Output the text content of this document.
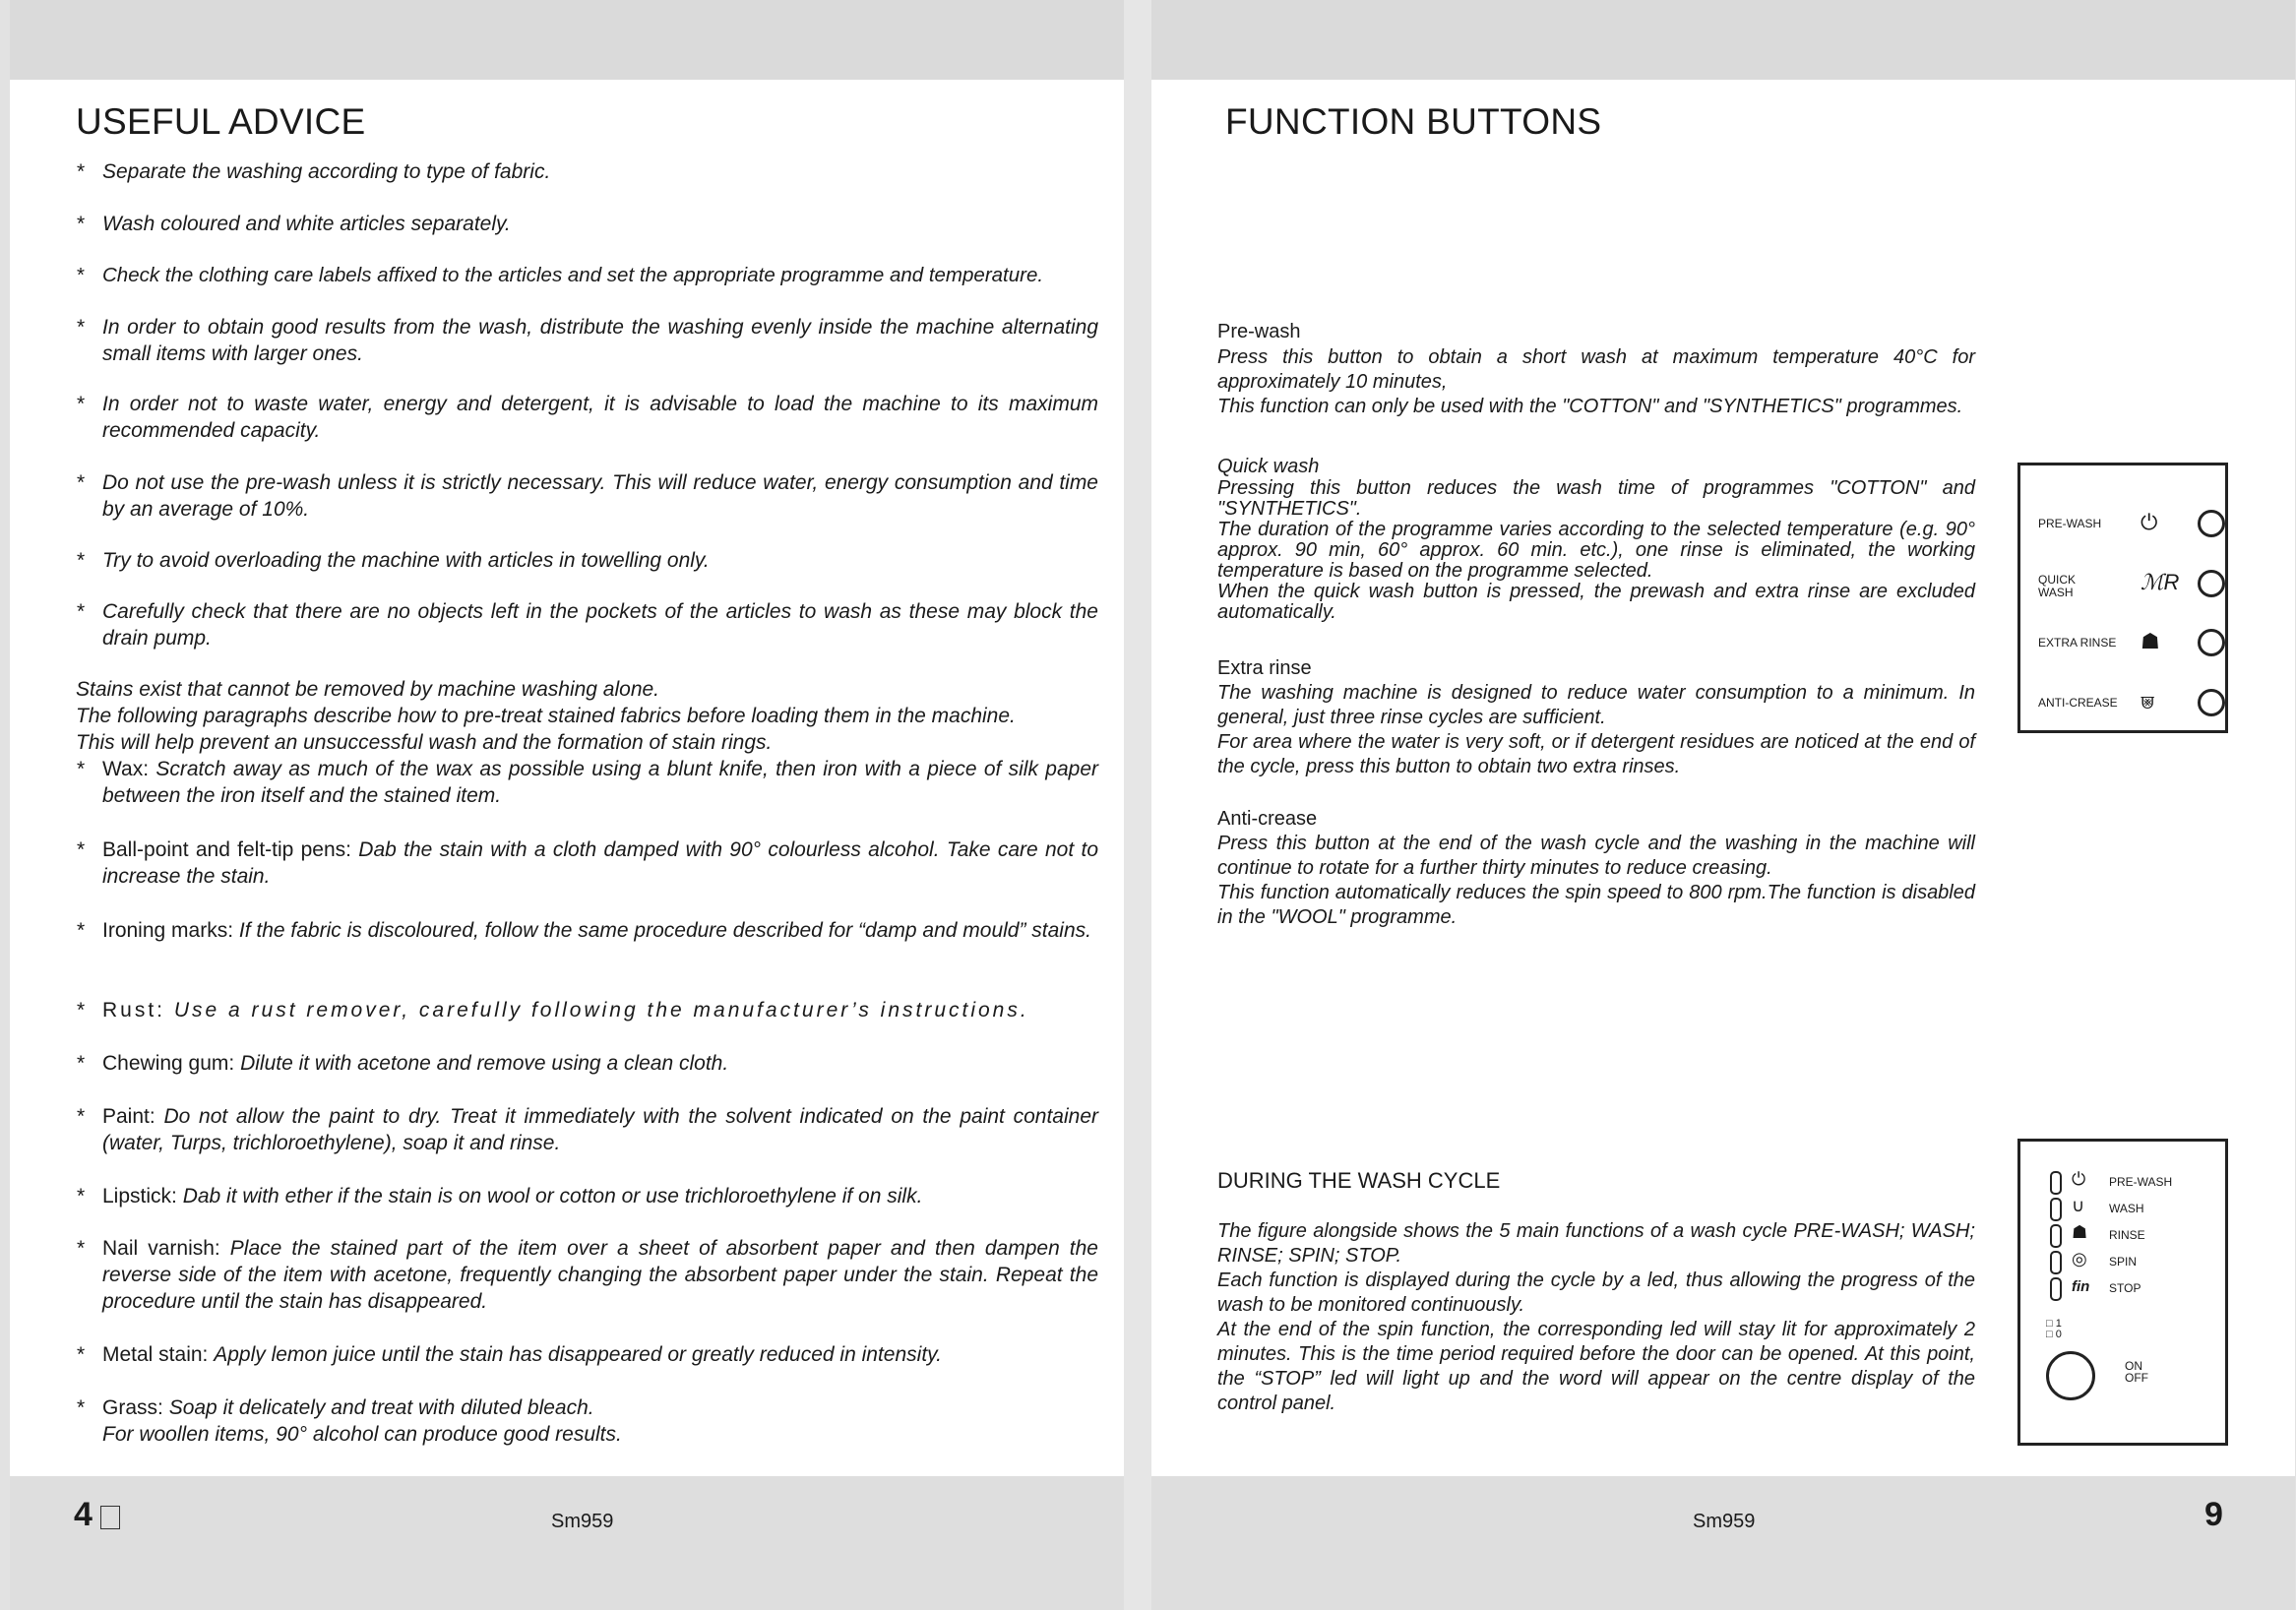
USEFUL ADVICE
* Separate the washing according to type of fabric.
* Wash coloured and white articles separately.
* Check the clothing care labels affixed to the articles and set the appropriate programme and temperature.
* In order to obtain good results from the wash, distribute the washing evenly inside the machine alternating small items with larger ones.
* In order not to waste water, energy and detergent, it is advisable to load the machine to its maximum recommended capacity.
* Do not use the pre-wash unless it is strictly necessary. This will reduce water, energy consumption and time by an average of 10%.
* Try to avoid overloading the machine with articles in towelling only.
* Carefully check that there are no objects left in the pockets of the articles to wash as these may block the drain pump.
Stains exist that cannot be removed by machine washing alone.
The following paragraphs describe how to pre-treat stained fabrics before loading them in the machine.
This will help prevent an unsuccessful wash and the formation of stain rings.
* Wax: Scratch away as much of the wax as possible using a blunt knife, then iron with a piece of silk paper between the iron itself and the stained item.
* Ball-point and felt-tip pens: Dab the stain with a cloth damped with 90° colourless alcohol. Take care not to increase the stain.
* Ironing marks: If the fabric is discoloured, follow the same procedure described for “damp and mould” stains.
* Rust: Use a rust remover, carefully following the manufacturer’s instructions.
* Chewing gum: Dilute it with acetone and remove using a clean cloth.
* Paint: Do not allow the paint to dry. Treat it immediately with the solvent indicated on the paint container (water, Turps, trichloroethylene), soap it and rinse.
* Lipstick: Dab it with ether if the stain is on wool or cotton or use trichloroethylene if on silk.
* Nail varnish: Place the stained part of the item over a sheet of absorbent paper and then dampen the reverse side of the item with acetone, frequently changing the absorbent paper under the stain. Repeat the procedure until the stain has disappeared.
* Metal stain: Apply lemon juice until the stain has disappeared or greatly reduced in intensity.
* Grass: Soap it delicately and treat with diluted bleach.
For woollen items, 90° alcohol can produce good results.
FUNCTION BUTTONS
Pre-wash

Press this button to obtain a short wash at maximum temperature 40°C for approximately 10 minutes,

This function can only be used with the "COTTON" and "SYNTHETICS" programmes.

Quick wash

Pressing this button reduces the wash time of programmes "COTTON" and "SYNTHETICS".

The duration of the programme varies according to the selected temperature (e.g. 90° approx. 90 min, 60° approx. 60 min. etc.), one rinse is eliminated, the working temperature is based on the programme selected.

When the quick wash button is pressed, the prewash and extra rinse are excluded automatically.

Extra rinse

The washing machine is designed to reduce water consumption to a minimum. In general, just three rinse cycles are sufficient.

For area where the water is very soft, or if detergent residues are noticed at the end of the cycle, press this button to obtain two extra rinses.

Anti-crease

Press this button at the end of the wash cycle and the washing in the machine will continue to rotate for a further thirty minutes to reduce creasing.

This function automatically reduces the spin speed to 800 rpm.The function is disabled in the "WOOL" programme.

PRE-WASH ⏻
QUICK WASH	ℳR
EXTRA RINSE ☗
ANTI-CREASE ⩐
DURING THE WASH CYCLE

The figure alongside shows the 5 main functions of a wash cycle PRE-WASH; WASH; RINSE; SPIN; STOP.

Each function is displayed during the cycle by a led, thus allowing the progress of the wash to be monitored continuously.

At the end of the spin function, the corresponding led will stay lit for approximately 2 minutes. This is the time period required before the door can be opened. At this point, the “STOP” led will light up and the word will appear on the centre display of the control panel.

⏻ PRE-WASH
∪ WASH
☗ RINSE
◎ SPIN
fin STOP
□ 1 □ 0
ON OFF
4	Sm959	Sm959	9
